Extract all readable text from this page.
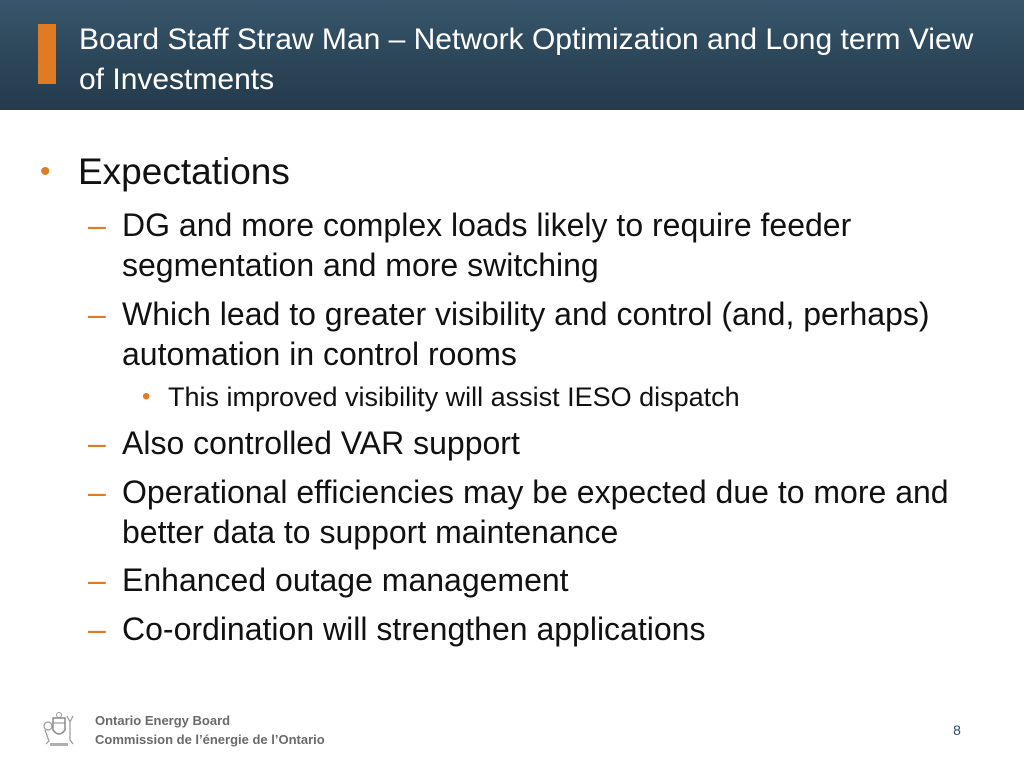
Board Staff Straw Man – Network Optimization and Long term View of Investments
• Expectations

– DG and more complex loads likely to require feeder segmentation and more switching

– Which lead to greater visibility and control (and, perhaps) automation in control rooms

• This improved visibility will assist IESO dispatch

– Also controlled VAR support

– Operational efficiencies may be expected due to more and better data to support maintenance

– Enhanced outage management

– Co-ordination will strengthen applications

Ontario Energy Board
Commission de l’énergie de l’Ontario
8
